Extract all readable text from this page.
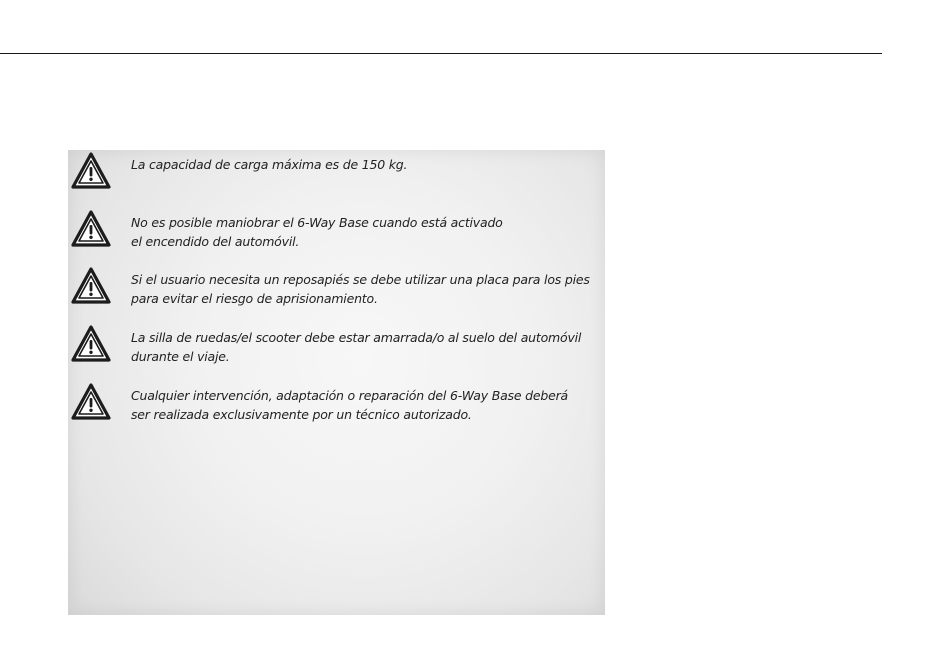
La capacidad de carga máxima es de 150 kg.
No es posible maniobrar el 6-Way Base cuando está activado
el encendido del automóvil.
Si el usuario necesita un reposapiés se debe utilizar una placa para los pies
para evitar el riesgo de aprisionamiento.
La silla de ruedas/el scooter debe estar amarrada/o al suelo del automóvil
durante el viaje.
Cualquier intervención, adaptación o reparación del 6-Way Base deberá
ser realizada exclusivamente por un técnico autorizado.
